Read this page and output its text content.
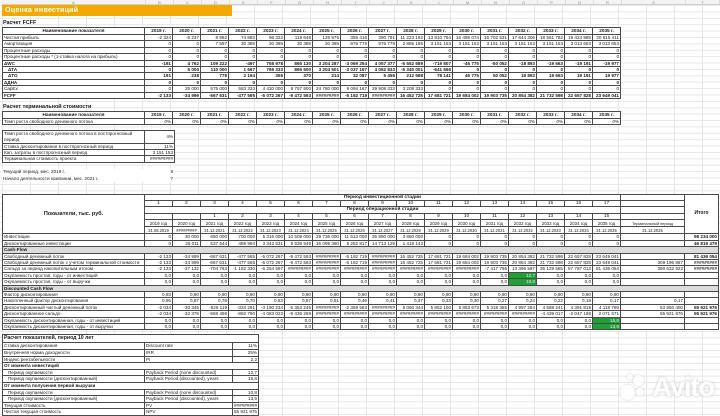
A	B	C	D	E	F	G	H	I	J	K	L	M	N	O	P	Q	R	S	T
Оценка инвестиций
Расчет FCFF
Наименование показателя	2019 г.	2020 г.	2021 г.	2022 г.	2023 г.	2024 г.	2025 г.	2026 г.	2027 г.	2028 г.	2029 г.	2030 г.	2031 г.	2032 г.	2033 г.	2034 г.	2035 г.
Чистая прибыль	-2 324	-5 237	8 992	74 883	96 323	119 648	126 975	355 416	390 781	11 223 192	13 810 764	16 486 074	16 702 531	17 644 306	18 561 782	19 424 985	20 615 411
Амортизация	0	0	7 597	30 389	30 389	30 389	30 389	976 778	976 778	2 885 185	3 151 153	3 151 153	3 151 153	3 151 153	3 151 153	3 013 653	3 013 653
Процентные расходы	0	0	0	0	0	0	0	0	0	0	0	0	0	0	0	0	0
Процентные расходы * (1-ставка налога на прибыль)	0	0	0	0	0	0	0	0	0	0	0	0	0	0	0	0	0
ΔWC	-191	4 762	109 222	-497	768 978	865 130	3 204 287	-3 069 254	4 057 377	-5 552 689	-719 807	-46 775	-50 052	-18 893	-19 663	-19 191	-19 977
ΔТА	0	5 000	110 000	1 667	769 333	865 500	3 204 501	-3 037 167	4 062 833	-5 340 001	-641 666	0	0	0	0	0	0
ΔТО	191	238	778	2 164	355	370	214	32 087	5 456	212 688	78 141	46 775	50 052	18 893	19 663	19 191	19 977
ΔДНА	0	0	0	0	0	0	0	0	0	0	0	0	0	0	0	0	0
CapEx	0	25 000	575 000	583 333	4 430 000	8 757 500	24 780 000	9 094 167	29 908 333	3 208 333	0	0	0	0	0	0	0
FCFF	-2 133	-34 999	-667 631	-477 565	-5 072 267	-9 472 593	#########	-5 192 719	#########	16 452 725	17 681 721	19 684 002	19 903 735	20 854 382	21 732 598	22 657 828	23 649 041
Расчет терминальной стоимости
Наименование показателя	2019 г.	2020 г.	2021 г.	2022 г.	2023 г.	2024 г.	2025 г.	2026 г.	2027 г.	2028 г.	2029 г.	2030 г.	2031 г.	2032 г.	2033 г.	2034 г.	2035 г.
Темп роста свободного денежного потока	0%	0%	0%	0%	0%	0%	0%	0%	0%	0%	0%	0%	0%	0%	0%	0%	0%
Темп роста свободного денежного потока в постпрогнозный период	4%
Ставка дисконтирования в постпрогнозный период	11%
Кап. затраты в постпрогнозный период	3 151 153
Терминальная стоимость проекта	#########
Текущий период, мес. 2019 г.	8
Начало деятельности компании, мес. 2021 г.	7
Показатели, тыс. руб.	Период инвестиционной стадии																		Итого
	1	2	3	4	5	6	7	8	9	10	11	12	13	14	15	16	17		
	Период операционной стадии																		
			1	2	3	4	5	6	7	8	9	10	11	12	13	14	15		
	2019 год	2020 год	2021 год	2022 год	2023 год	2024 год	2025 год	2026 год	2027 год	2028 год	2029 год	2030 год	2031 год	2032 год	2033 год	2034 год	2035 год	Терминальный период	
	31.08.2019	#########	31.12.2021	31.12.2022	31.12.2023	31.12.2024	31.12.2025	31.12.2026	31.12.2027	31.12.2028	31.12.2029	31.12.2030	31.12.2031	31.12.2032	31.12.2033	31.12.2034	31.12.2035	31.12.2035	
Инвестиции	0	30 000	650 000	700 000	5 316 000	10 509 000	29 736 000	11 513 000	35 890 000	3 850 000	0	0	0	0	0	0	0		98 234 000
Дисконтированные инвестиции	0	26 011	537 544	489 994	3 343 531	5 938 949	15 099 360	5 252 817	14 713 129	1 418 143	0	0	0	0	0	0	0		46 819 479
Cash-Flow																			
Свободный денежный поток	-2 133	-34 999	-667 631	-477 565	-5 072 267	-9 472 593	#########	-5 192 719	#########	16 452 725	17 681 721	19 684 002	19 903 735	20 854 382	21 732 598	22 657 828	23 649 041		81 436 054
Свободный денежный поток с учетом терминальной стоимости	-2 133	-34 999	-667 631	-477 565	-5 072 267	-9 472 593	#########	-5 192 719	#########	16 452 725	17 681 721	19 684 002	19 903 735	20 854 382	21 732 598	22 657 828	23 649 041	309 196 867	#########
Сальдо за период накопительным итогом	-2 133	-37 132	-704 763	-1 182 330	-6 254 597	#########	#########	#########	#########	#########	#########	#########	-7 417 795	13 396 587	35 129 585	57 787 013	81 436 054	390 632 922	#########
Окупаемость простая, годы - от инвестиций	0,0	0,0	0,0	0,0	0,0	0,0	0,0	0,0	0,0	0,0	0,0	0,0	0,0	12,7	0,0	0,0	0,0		
Окупаемость простая, годы - от выручки	0,0	0,0	0,0	0,0	0,0	0,0	0,0	0,0	0,0	0,0	0,0	0,0	0,0	10,8	0,0	0,0	0,0		
Discounted Cash Flow																			
Фактор дисконтирования	0,93	0,90	0,90	0,90	0,90	0,90	0,90	0,90	0,90	0,90	0,90	0,90	0,90	0,90	0,90	0,90	0,90		
Накопленный фактор дисконтирования	0,95	0,87	0,78	0,70	0,63	0,57	0,51	0,46	0,41	0,37	0,33	0,30	0,27	0,24	0,22	0,19	0,17	0,17	
Дисконтированный чистый денежный поток	-2 034	-30 345	-526 119	-334 291	-3 190 234	-5 353 245	#########	-2 369 583	#########	6 060 344	5 852 100	5 853 673	5 318 355	4 997 284	4 688 241	4 391 819	4 118 769	53 850 400	55 921 976
Дисконтированное сальдо	-2 034	-32 379	-558 498	-892 790	-4 083 023	-9 436 269	#########	#########	#########	#########	#########	#########	#########	#########	-4 439 017	-2 047 198	2 071 571	55 921 976	55 921 976
Окупаемость дисконтированная, годы - от инвестиций	0,0	0,0	0,0	0,0	0,0	0,0	0,0	0,0	0,0	0,0	0,0	0,0	0,0	0,0	0,0	0,0	15,8		
Окупаемость дисконтированная, годы - от выручки	0,0	0,0	0,0	0,0	0,0	0,0	0,0	0,0	0,0	0,0	0,0	0,0	0,0	0,0	0,0	0,0	13,9		
Расчет показателей, период 10 лет		
Ставка дисконтирования	Discount rate	11%
Внутренняя норма доходности	IRR	25%
Индекс рентабельности	PI	2,2
От момента инвестиций		
Период окупаемости	Payback Period (none discounted)	12,7
Период окупаемости (дисконтированный)	Payback Period (discounted), years	15,8
От момента получения первой выручки		
Период окупаемости	Payback Period (none discounted)	10,8
Период окупаемости (дисконтированный)	Payback Period (discounted), years	13,9
Текущая стоимость	PV	#########
Чистая текущая стоимость	NPV	55 921 976
Avito
